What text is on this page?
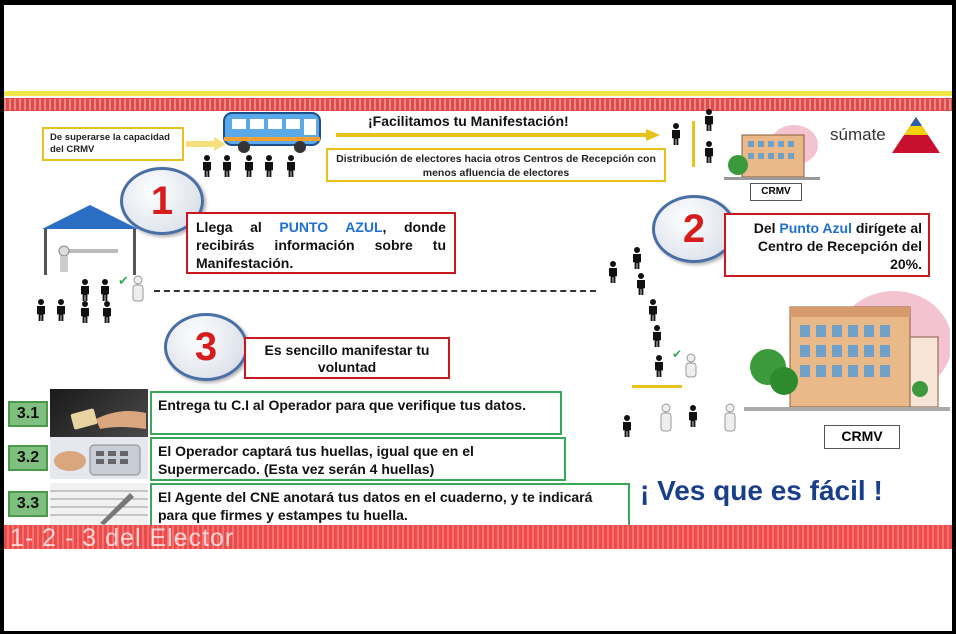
De superarse la capacidad del CRMV
¡Facilitamos tu Manifestación!
Distribución de electores hacia otros Centros de Recepción con menos afluencia de electores
CRMV
súmate
1
Llega al PUNTO AZUL, donde recibirás información sobre tu Manifestación.
✔
2	Del Punto Azul dirígete al Centro de Recepción del 20%.
✔
CRMV
3	Es sencillo manifestar tu voluntad
3.1	Entrega tu C.I al Operador para que verifique tus datos.
3.2	El Operador captará tus huellas, igual que en el Supermercado. (Esta vez serán 4 huellas)
3.3	El Agente del CNE anotará tus datos en el cuaderno, y te indicará para que firmes y estampes tu huella.
¡ Ves que es fácil !
1- 2 - 3 del Elector
